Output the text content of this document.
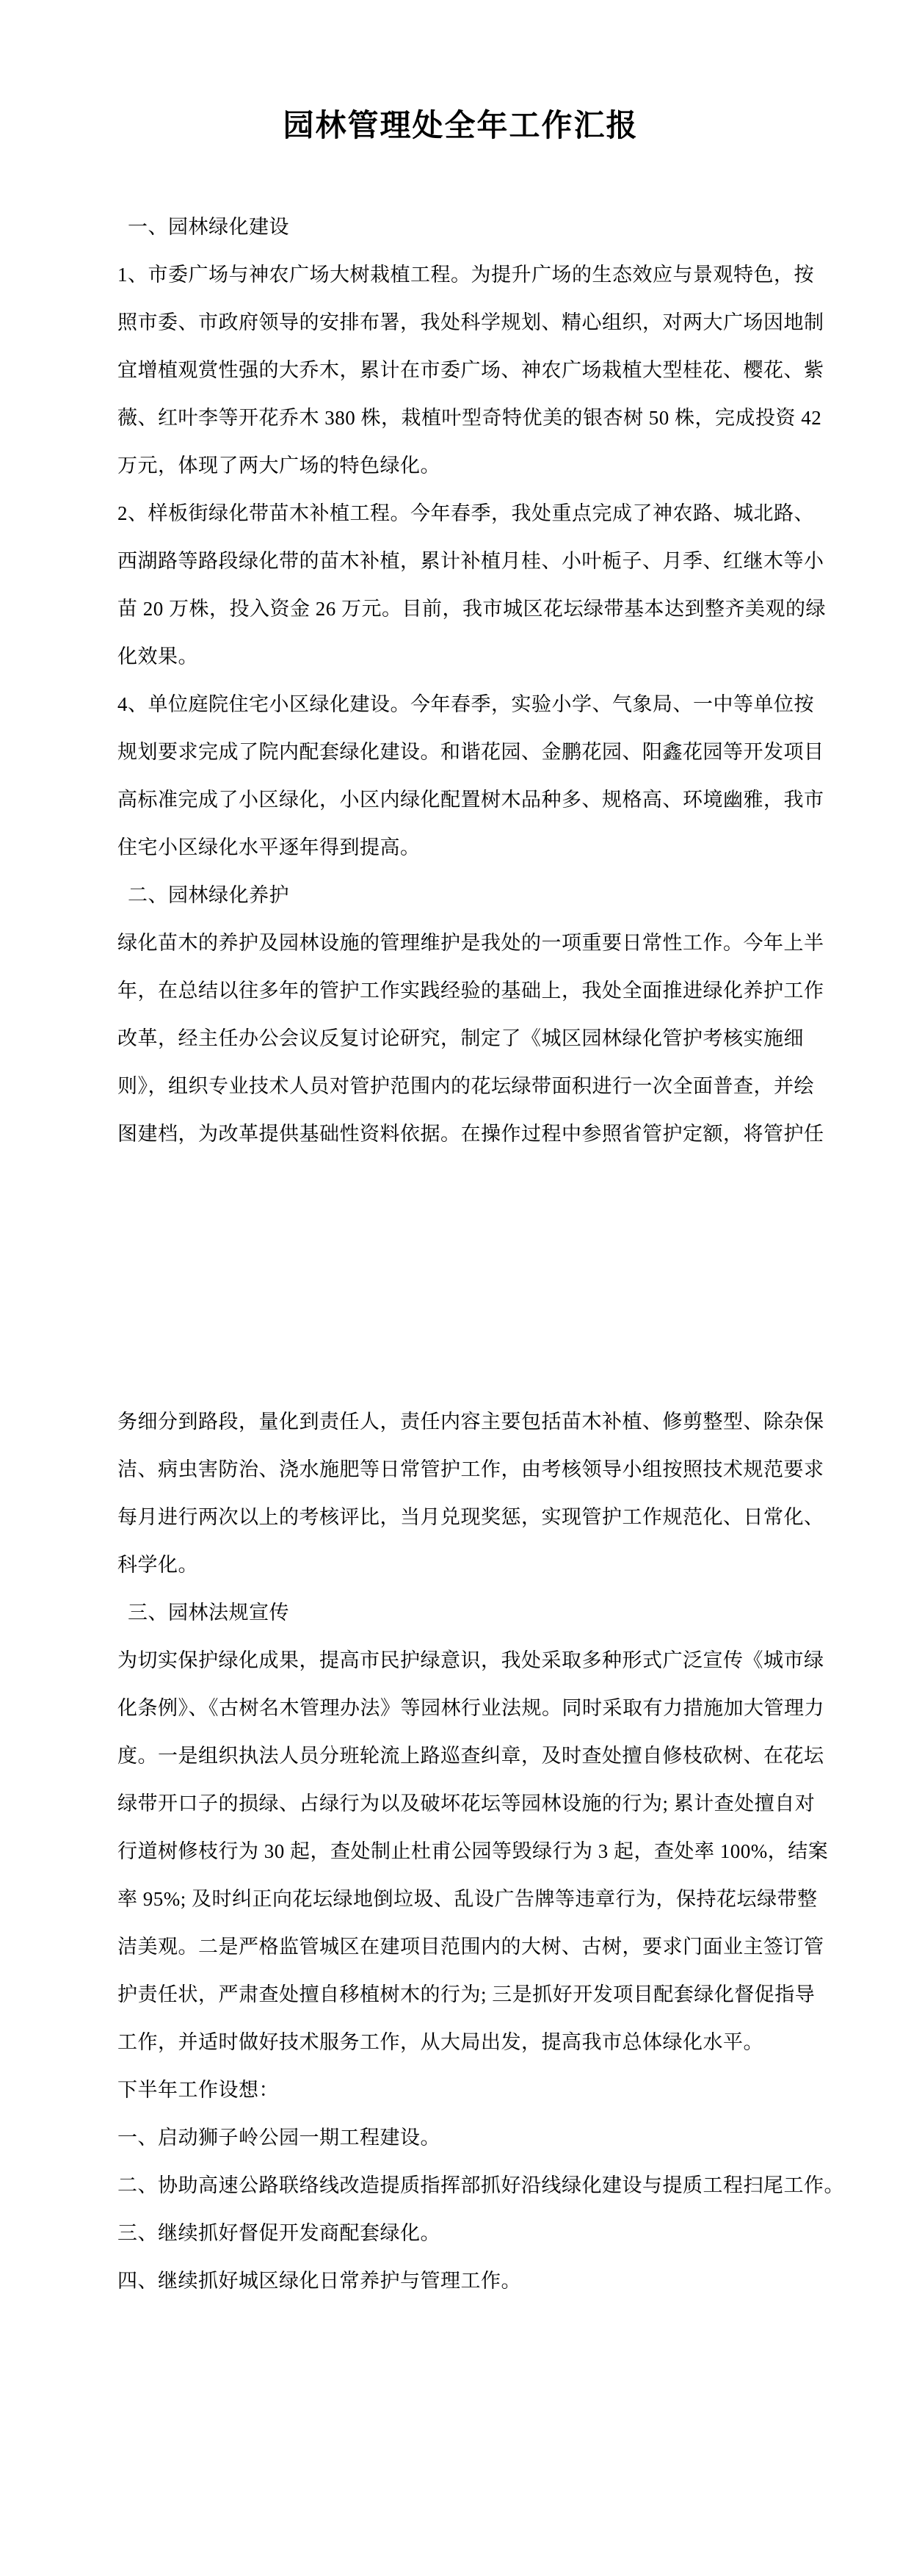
园林管理处全年工作汇报
一、园林绿化建设
1、市委广场与神农广场大树栽植工程。为提升广场的生态效应与景观特色，按
照市委、市政府领导的安排布署，我处科学规划、精心组织，对两大广场因地制
宜增植观赏性强的大乔木，累计在市委广场、神农广场栽植大型桂花、樱花、紫
薇、红叶李等开花乔木 380 株，栽植叶型奇特优美的银杏树 50 株，完成投资 42
万元，体现了两大广场的特色绿化。
2、样板街绿化带苗木补植工程。今年春季，我处重点完成了神农路、城北路、
西湖路等路段绿化带的苗木补植，累计补植月桂、小叶栀子、月季、红继木等小
苗 20 万株，投入资金 26 万元。目前，我市城区花坛绿带基本达到整齐美观的绿
化效果。
4、单位庭院住宅小区绿化建设。今年春季，实验小学、气象局、一中等单位按
规划要求完成了院内配套绿化建设。和谐花园、金鹏花园、阳鑫花园等开发项目
高标准完成了小区绿化，小区内绿化配置树木品种多、规格高、环境幽雅，我市
住宅小区绿化水平逐年得到提高。
二、园林绿化养护
绿化苗木的养护及园林设施的管理维护是我处的一项重要日常性工作。今年上半
年，在总结以往多年的管护工作实践经验的基础上，我处全面推进绿化养护工作
改革，经主任办公会议反复讨论研究，制定了《城区园林绿化管护考核实施细
则》，组织专业技术人员对管护范围内的花坛绿带面积进行一次全面普查，并绘
图建档，为改革提供基础性资料依据。在操作过程中参照省管护定额，将管护任
务细分到路段，量化到责任人，责任内容主要包括苗木补植、修剪整型、除杂保
洁、病虫害防治、浇水施肥等日常管护工作，由考核领导小组按照技术规范要求
每月进行两次以上的考核评比，当月兑现奖惩，实现管护工作规范化、日常化、
科学化。
三、园林法规宣传
为切实保护绿化成果，提高市民护绿意识，我处采取多种形式广泛宣传《城市绿
化条例》、《古树名木管理办法》等园林行业法规。同时采取有力措施加大管理力
度。一是组织执法人员分班轮流上路巡查纠章，及时查处擅自修枝砍树、在花坛
绿带开口子的损绿、占绿行为以及破坏花坛等园林设施的行为; 累计查处擅自对
行道树修枝行为 30 起，查处制止杜甫公园等毁绿行为 3 起，查处率 100%，结案
率 95%; 及时纠正向花坛绿地倒垃圾、乱设广告牌等违章行为，保持花坛绿带整
洁美观。二是严格监管城区在建项目范围内的大树、古树，要求门面业主签订管
护责任状，严肃查处擅自移植树木的行为; 三是抓好开发项目配套绿化督促指导
工作，并适时做好技术服务工作，从大局出发，提高我市总体绿化水平。
下半年工作设想：
一、启动狮子岭公园一期工程建设。
二、协助高速公路联络线改造提质指挥部抓好沿线绿化建设与提质工程扫尾工作。
三、继续抓好督促开发商配套绿化。
四、继续抓好城区绿化日常养护与管理工作。
